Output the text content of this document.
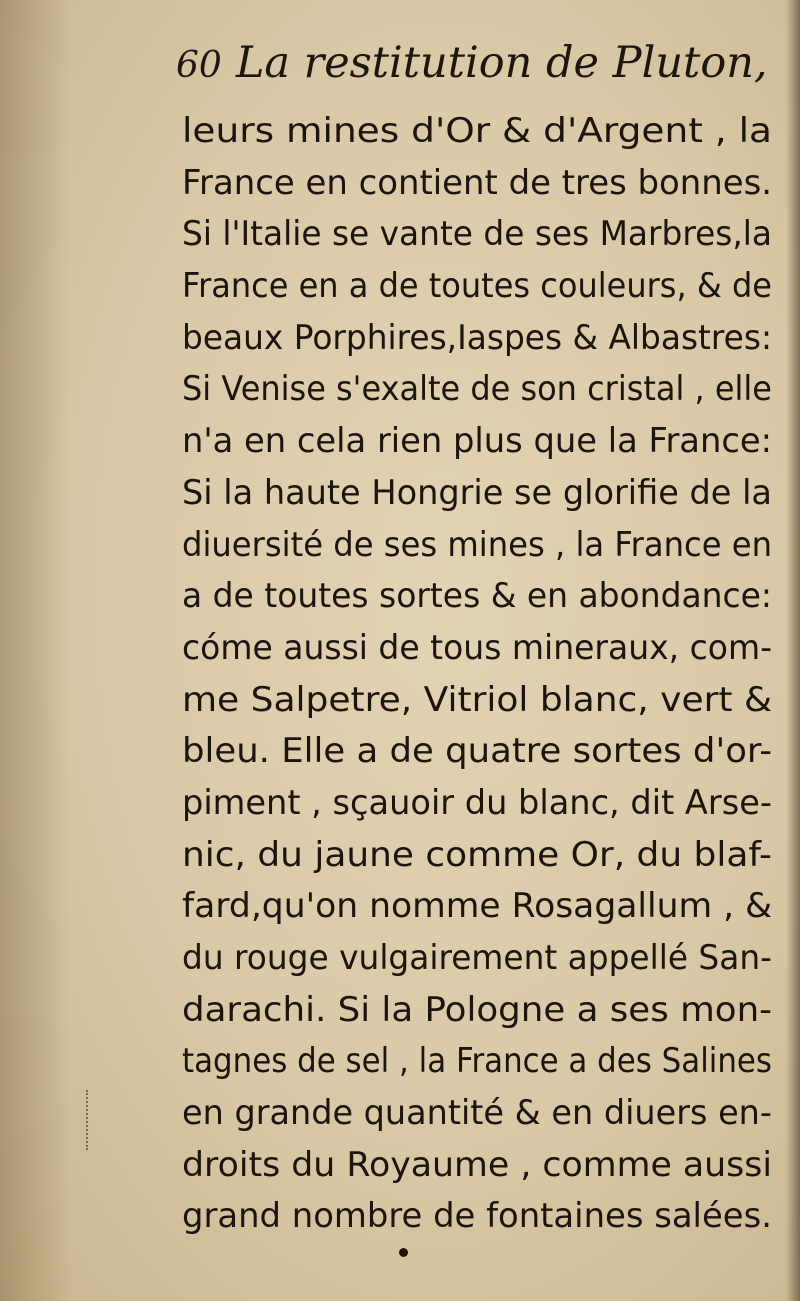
60 La restitution de Pluton,
leurs mines d'Or & d'Argent , la
France en contient de tres bonnes.
Si l'Italie se vante de ses Marbres,la
France en a de toutes couleurs, & de
beaux Porphires,Iaspes & Albastres:
Si Venise s'exalte de son cristal , elle
n'a en cela rien plus que la France:
Si la haute Hongrie se glorifie de la
diuersité de ses mines , la France en
a de toutes sortes & en abondance:
cóme aussi de tous mineraux, com-
me Salpetre, Vitriol blanc, vert &
bleu. Elle a de quatre sortes d'or-
piment , sçauoir du blanc, dit Arse-
nic, du jaune comme Or, du blaf-
fard,qu'on nomme Rosagallum , &
du rouge vulgairement appellé San-
darachi. Si la Pologne a ses mon-
tagnes de sel , la France a des Salines
en grande quantité & en diuers en-
droits du Royaume , comme aussi
grand nombre de fontaines salées.
